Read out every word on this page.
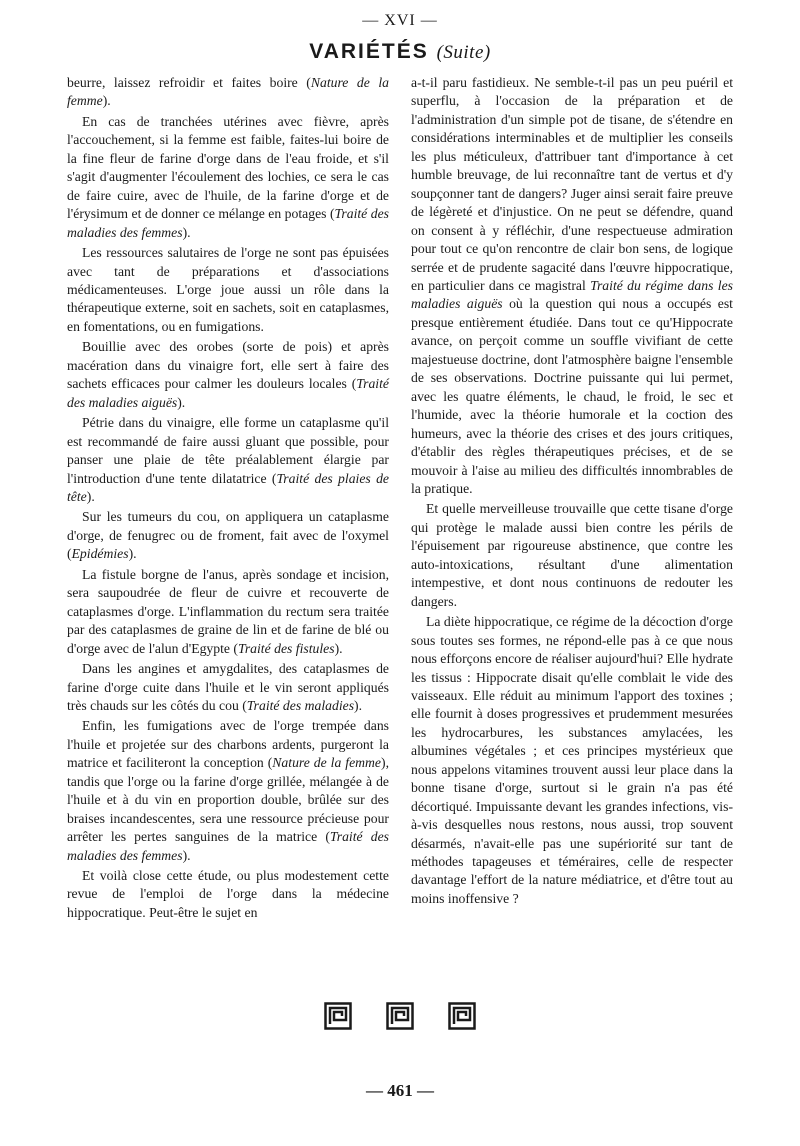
— XVI —
VARIÉTÉS (Suite)

beurre, laissez refroidir et faites boire (Nature de la femme).

En cas de tranchées utérines avec fièvre, après l'accouchement, si la femme est faible, faites-lui boire de la fine fleur de farine d'orge dans de l'eau froide, et s'il s'agit d'augmenter l'écoulement des lochies, ce sera le cas de faire cuire, avec de l'huile, de la farine d'orge et de l'érysimum et de donner ce mélange en potages (Traité des maladies des femmes).

Les ressources salutaires de l'orge ne sont pas épuisées avec tant de préparations et d'associations médicamenteuses. L'orge joue aussi un rôle dans la thérapeutique externe, soit en sachets, soit en cataplasmes, en fomentations, ou en fumigations.

Bouillie avec des orobes (sorte de pois) et après macération dans du vinaigre fort, elle sert à faire des sachets efficaces pour calmer les douleurs locales (Traité des maladies aiguës).

Pétrie dans du vinaigre, elle forme un cataplasme qu'il est recommandé de faire aussi gluant que possible, pour panser une plaie de tête préalablement élargie par l'introduction d'une tente dilatatrice (Traité des plaies de tête).

Sur les tumeurs du cou, on appliquera un cataplasme d'orge, de fenugrec ou de froment, fait avec de l'oxymel (Epidémies).

La fistule borgne de l'anus, après sondage et incision, sera saupoudrée de fleur de cuivre et recouverte de cataplasmes d'orge. L'inflammation du rectum sera traitée par des cataplasmes de graine de lin et de farine de blé ou d'orge avec de l'alun d'Egypte (Traité des fistules).

Dans les angines et amygdalites, des cataplasmes de farine d'orge cuite dans l'huile et le vin seront appliqués très chauds sur les côtés du cou (Traité des maladies).

Enfin, les fumigations avec de l'orge trempée dans l'huile et projetée sur des charbons ardents, purgeront la matrice et faciliteront la conception (Nature de la femme), tandis que l'orge ou la farine d'orge grillée, mélangée à de l'huile et à du vin en proportion double, brûlée sur des braises incandescentes, sera une ressource précieuse pour arrêter les pertes sanguines de la matrice (Traité des maladies des femmes).

Et voilà close cette étude, ou plus modestement cette revue de l'emploi de l'orge dans la médecine hippocratique. Peut-être le sujet en

a-t-il paru fastidieux. Ne semble-t-il pas un peu puéril et superflu, à l'occasion de la préparation et de l'administration d'un simple pot de tisane, de s'étendre en considérations interminables et de multiplier les conseils les plus méticuleux, d'attribuer tant d'importance à cet humble breuvage, de lui reconnaître tant de vertus et d'y soupçonner tant de dangers? Juger ainsi serait faire preuve de légèreté et d'injustice. On ne peut se défendre, quand on consent à y réfléchir, d'une respectueuse admiration pour tout ce qu'on rencontre de clair bon sens, de logique serrée et de prudente sagacité dans l'œuvre hippocratique, en particulier dans ce magistral Traité du régime dans les maladies aiguës où la question qui nous a occupés est presque entièrement étudiée. Dans tout ce qu'Hippocrate avance, on perçoit comme un souffle vivifiant de cette majestueuse doctrine, dont l'atmosphère baigne l'ensemble de ses observations. Doctrine puissante qui lui permet, avec les quatre éléments, le chaud, le froid, le sec et l'humide, avec la théorie humorale et la coction des humeurs, avec la théorie des crises et des jours critiques, d'établir des règles thérapeutiques précises, et de se mouvoir à l'aise au milieu des difficultés innombrables de la pratique.

Et quelle merveilleuse trouvaille que cette tisane d'orge qui protège le malade aussi bien contre les périls de l'épuisement par rigoureuse abstinence, que contre les auto-intoxications, résultant d'une alimentation intempestive, et dont nous continuons de redouter les dangers.

La diète hippocratique, ce régime de la décoction d'orge sous toutes ses formes, ne répond-elle pas à ce que nous nous efforçons encore de réaliser aujourd'hui? Elle hydrate les tissus : Hippocrate disait qu'elle comblait le vide des vaisseaux. Elle réduit au minimum l'apport des toxines ; elle fournit à doses progressives et prudemment mesurées les hydrocarbures, les substances amylacées, les albumines végétales ; et ces principes mystérieux que nous appelons vitamines trouvent aussi leur place dans la bonne tisane d'orge, surtout si le grain n'a pas été décortiqué. Impuissante devant les grandes infections, vis-à-vis desquelles nous restons, nous aussi, trop souvent désarmés, n'avait-elle pas une supériorité sur tant de méthodes tapageuses et téméraires, celle de respecter davantage l'effort de la nature médiatrice, et d'être tout au moins inoffensive ?

— 461 —
